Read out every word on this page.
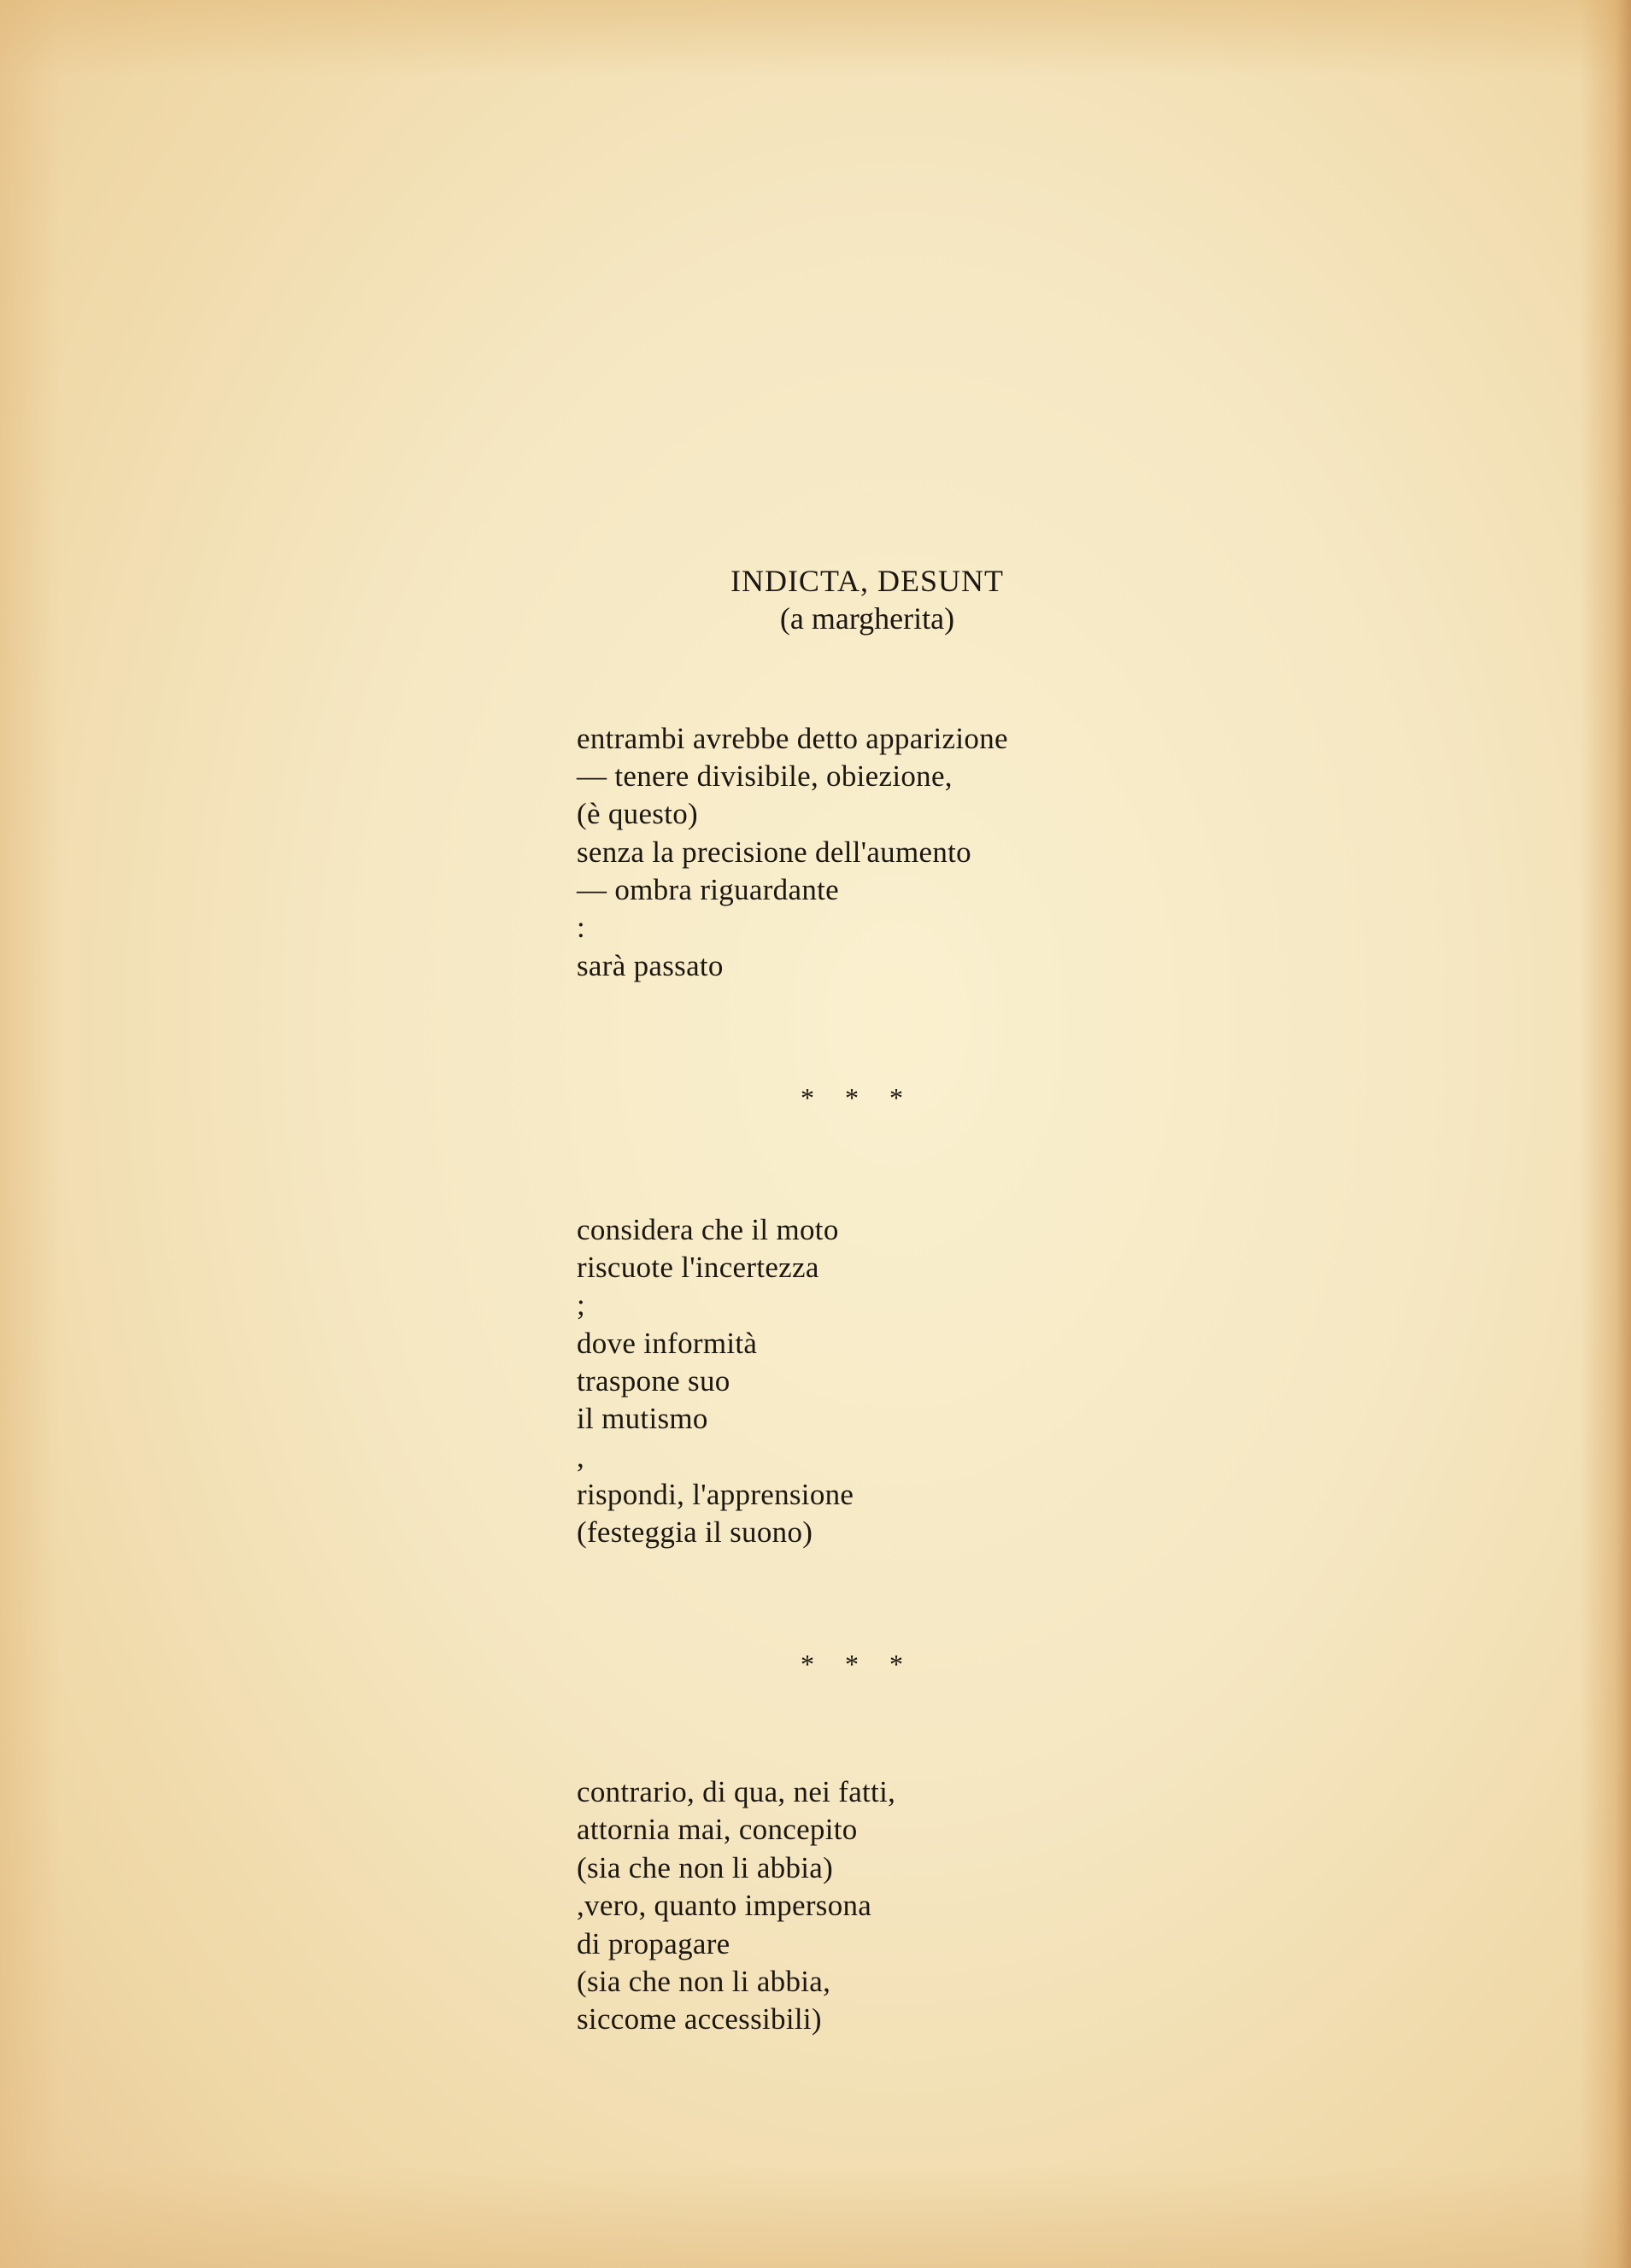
INDICTA, DESUNT
(a margherita)
entrambi avrebbe detto apparizione
— tenere divisibile, obiezione,
(è questo)
senza la precisione dell'aumento
— ombra riguardante
:
sarà passato
* * *
considera che il moto
riscuote l'incertezza
;
dove informità
traspone suo
il mutismo
,
rispondi, l'apprensione
(festeggia il suono)
* * *
contrario, di qua, nei fatti,
attornia mai, concepito
(sia che non li abbia)
,vero, quanto impersona
di propagare
(sia che non li abbia,
siccome accessibili)
